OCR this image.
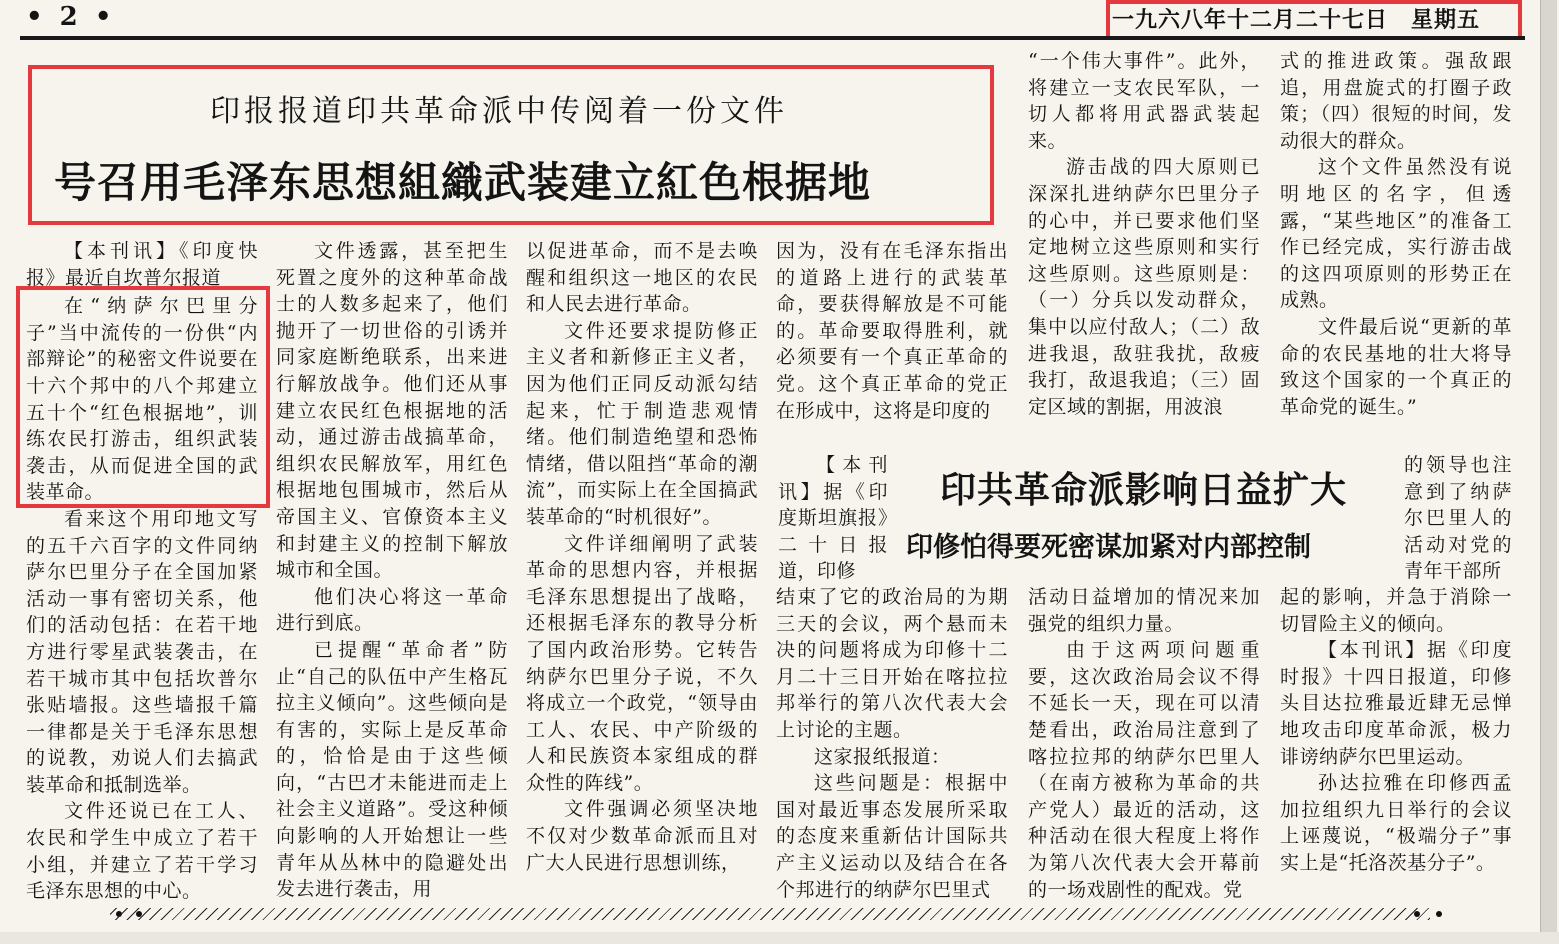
• 2 •	一九六八年十二月二十七日　星期五
印报报道印共革命派中传阅着一份文件
号召用毛泽东思想組織武装建立紅色根据地

【本刊讯】《印度快报》最近自坎普尔报道

在“纳萨尔巴里分子”当中流传的一份供“内部辩论”的秘密文件说要在十六个邦中的八个邦建立五十个“红色根据地”，训练农民打游击，组织武装袭击，从而促进全国的武装革命。

看来这个用印地文写的五千六百字的文件同纳萨尔巴里分子在全国加紧活动一事有密切关系，他们的活动包括：在若干地方进行零星武装袭击，在若干城市其中包括坎普尔张贴墙报。这些墙报千篇一律都是关于毛泽东思想的说教，劝说人们去搞武装革命和抵制选举。

文件还说已在工人、农民和学生中成立了若干小组，并建立了若干学习毛泽东思想的中心。

文件透露，甚至把生死置之度外的这种革命战士的人数多起来了，他们抛开了一切世俗的引诱并同家庭断绝联系，出来进行解放战争。他们还从事建立农民红色根据地的活动，通过游击战搞革命，组织农民解放军，用红色根据地包围城市，然后从帝国主义、官僚资本主义和封建主义的控制下解放城市和全国。

他们决心将这一革命进行到底。

已提醒“革命者”防止“自己的队伍中产生格瓦拉主义倾向”。这些倾向是有害的，实际上是反革命的，恰恰是由于这些倾向，“古巴才未能进而走上社会主义道路”。受这种倾向影响的人开始想让一些青年从丛林中的隐避处出发去进行袭击，用

以促进革命，而不是去唤醒和组织这一地区的农民和人民去进行革命。

文件还要求提防修正主义者和新修正主义者，因为他们正同反动派勾结起来，忙于制造悲观情绪。他们制造绝望和恐怖情绪，借以阻挡“革命的潮流”，而实际上在全国搞武装革命的“时机很好”。

文件详细阐明了武装革命的思想内容，并根据毛泽东思想提出了战略，还根据毛泽东的教导分析了国内政治形势。它转告纳萨尔巴里分子说，不久将成立一个政党，“领导由工人、农民、中产阶级的人和民族资本家组成的群众性的阵线”。

文件强调必须坚决地不仅对少数革命派而且对广大人民进行思想训练，

因为，没有在毛泽东指出的道路上进行的武装革命，要获得解放是不可能的。革命要取得胜利，就必须要有一个真正革命的党。这个真正革命的党正在形成中，这将是印度的

“一个伟大事件”。此外，将建立一支农民军队，一切人都将用武器武装起来。

游击战的四大原则已深深扎进纳萨尔巴里分子的心中，并已要求他们坚定地树立这些原则和实行这些原则。这些原则是：（一）分兵以发动群众，集中以应付敌人；（二）敌进我退，敌驻我扰，敌疲我打，敌退我追；（三）固定区域的割据，用波浪

式的推进政策。强敌跟追，用盘旋式的打圈子政策；（四）很短的时间，发动很大的群众。

这个文件虽然没有说明地区的名字，但透露，“某些地区”的准备工作已经完成，实行游击战的这四项原则的形势正在成熟。

文件最后说“更新的革命的农民基地的壮大将导致这个国家的一个真正的革命党的诞生。”

印共革命派影响日益扩大
印修怕得要死密谋加紧对内部控制

【本刊讯】据《印度斯坦旗报》二十日报道，印修

结束了它的政治局的为期三天的会议，两个悬而未决的问题将成为印修十二月二十三日开始在喀拉拉邦举行的第八次代表大会上讨论的主题。

这家报纸报道：

这些问题是：根据中国对最近事态发展所采取的态度来重新估计国际共产主义运动以及结合在各个邦进行的纳萨尔巴里式

活动日益增加的情况来加强党的组织力量。

由于这两项问题重要，这次政治局会议不得不延长一天，现在可以清楚看出，政治局注意到了喀拉拉邦的纳萨尔巴里人（在南方被称为革命的共产党人）最近的活动，这种活动在很大程度上将作为第八次代表大会开幕前的一场戏剧性的配戏。党

的领导也注意到了纳萨尔巴里人的活动对党的青年干部所

起的影响，并急于消除一切冒险主义的倾向。

【本刊讯】据《印度时报》十四日报道，印修头目达拉雅最近肆无忌惮地攻击印度革命派，极力诽谤纳萨尔巴里运动。

孙达拉雅在印修西孟加拉组织九日举行的会议上诬蔑说，“极端分子”事实上是“托洛茨基分子”。
